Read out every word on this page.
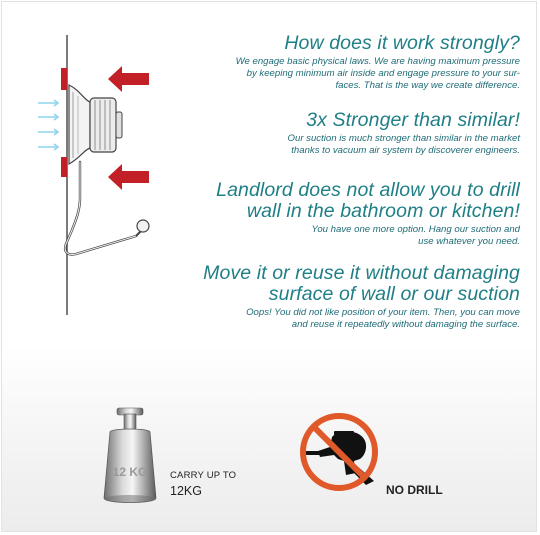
How does it work strongly?

We engage basic physical laws. We are having maximum pressure
by keeping minimum air inside and engage pressure to your sur-
faces. That is the way we create difference.

3x Stronger than similar!

Our suction is much stronger than similar in the market
thanks to vacuum air system by discoverer engineers.

Landlord does not allow you to drill
wall in the bathroom or kitchen!

You have one more option. Hang our suction and
use whatever you need.

Move it or reuse it without damaging
surface of wall or our suction

Oops! You did not like position of your item. Then, you can move
and reuse it repeatedly without damaging the surface.

12 KG CARRY UP TO
12KG	NO DRILL
